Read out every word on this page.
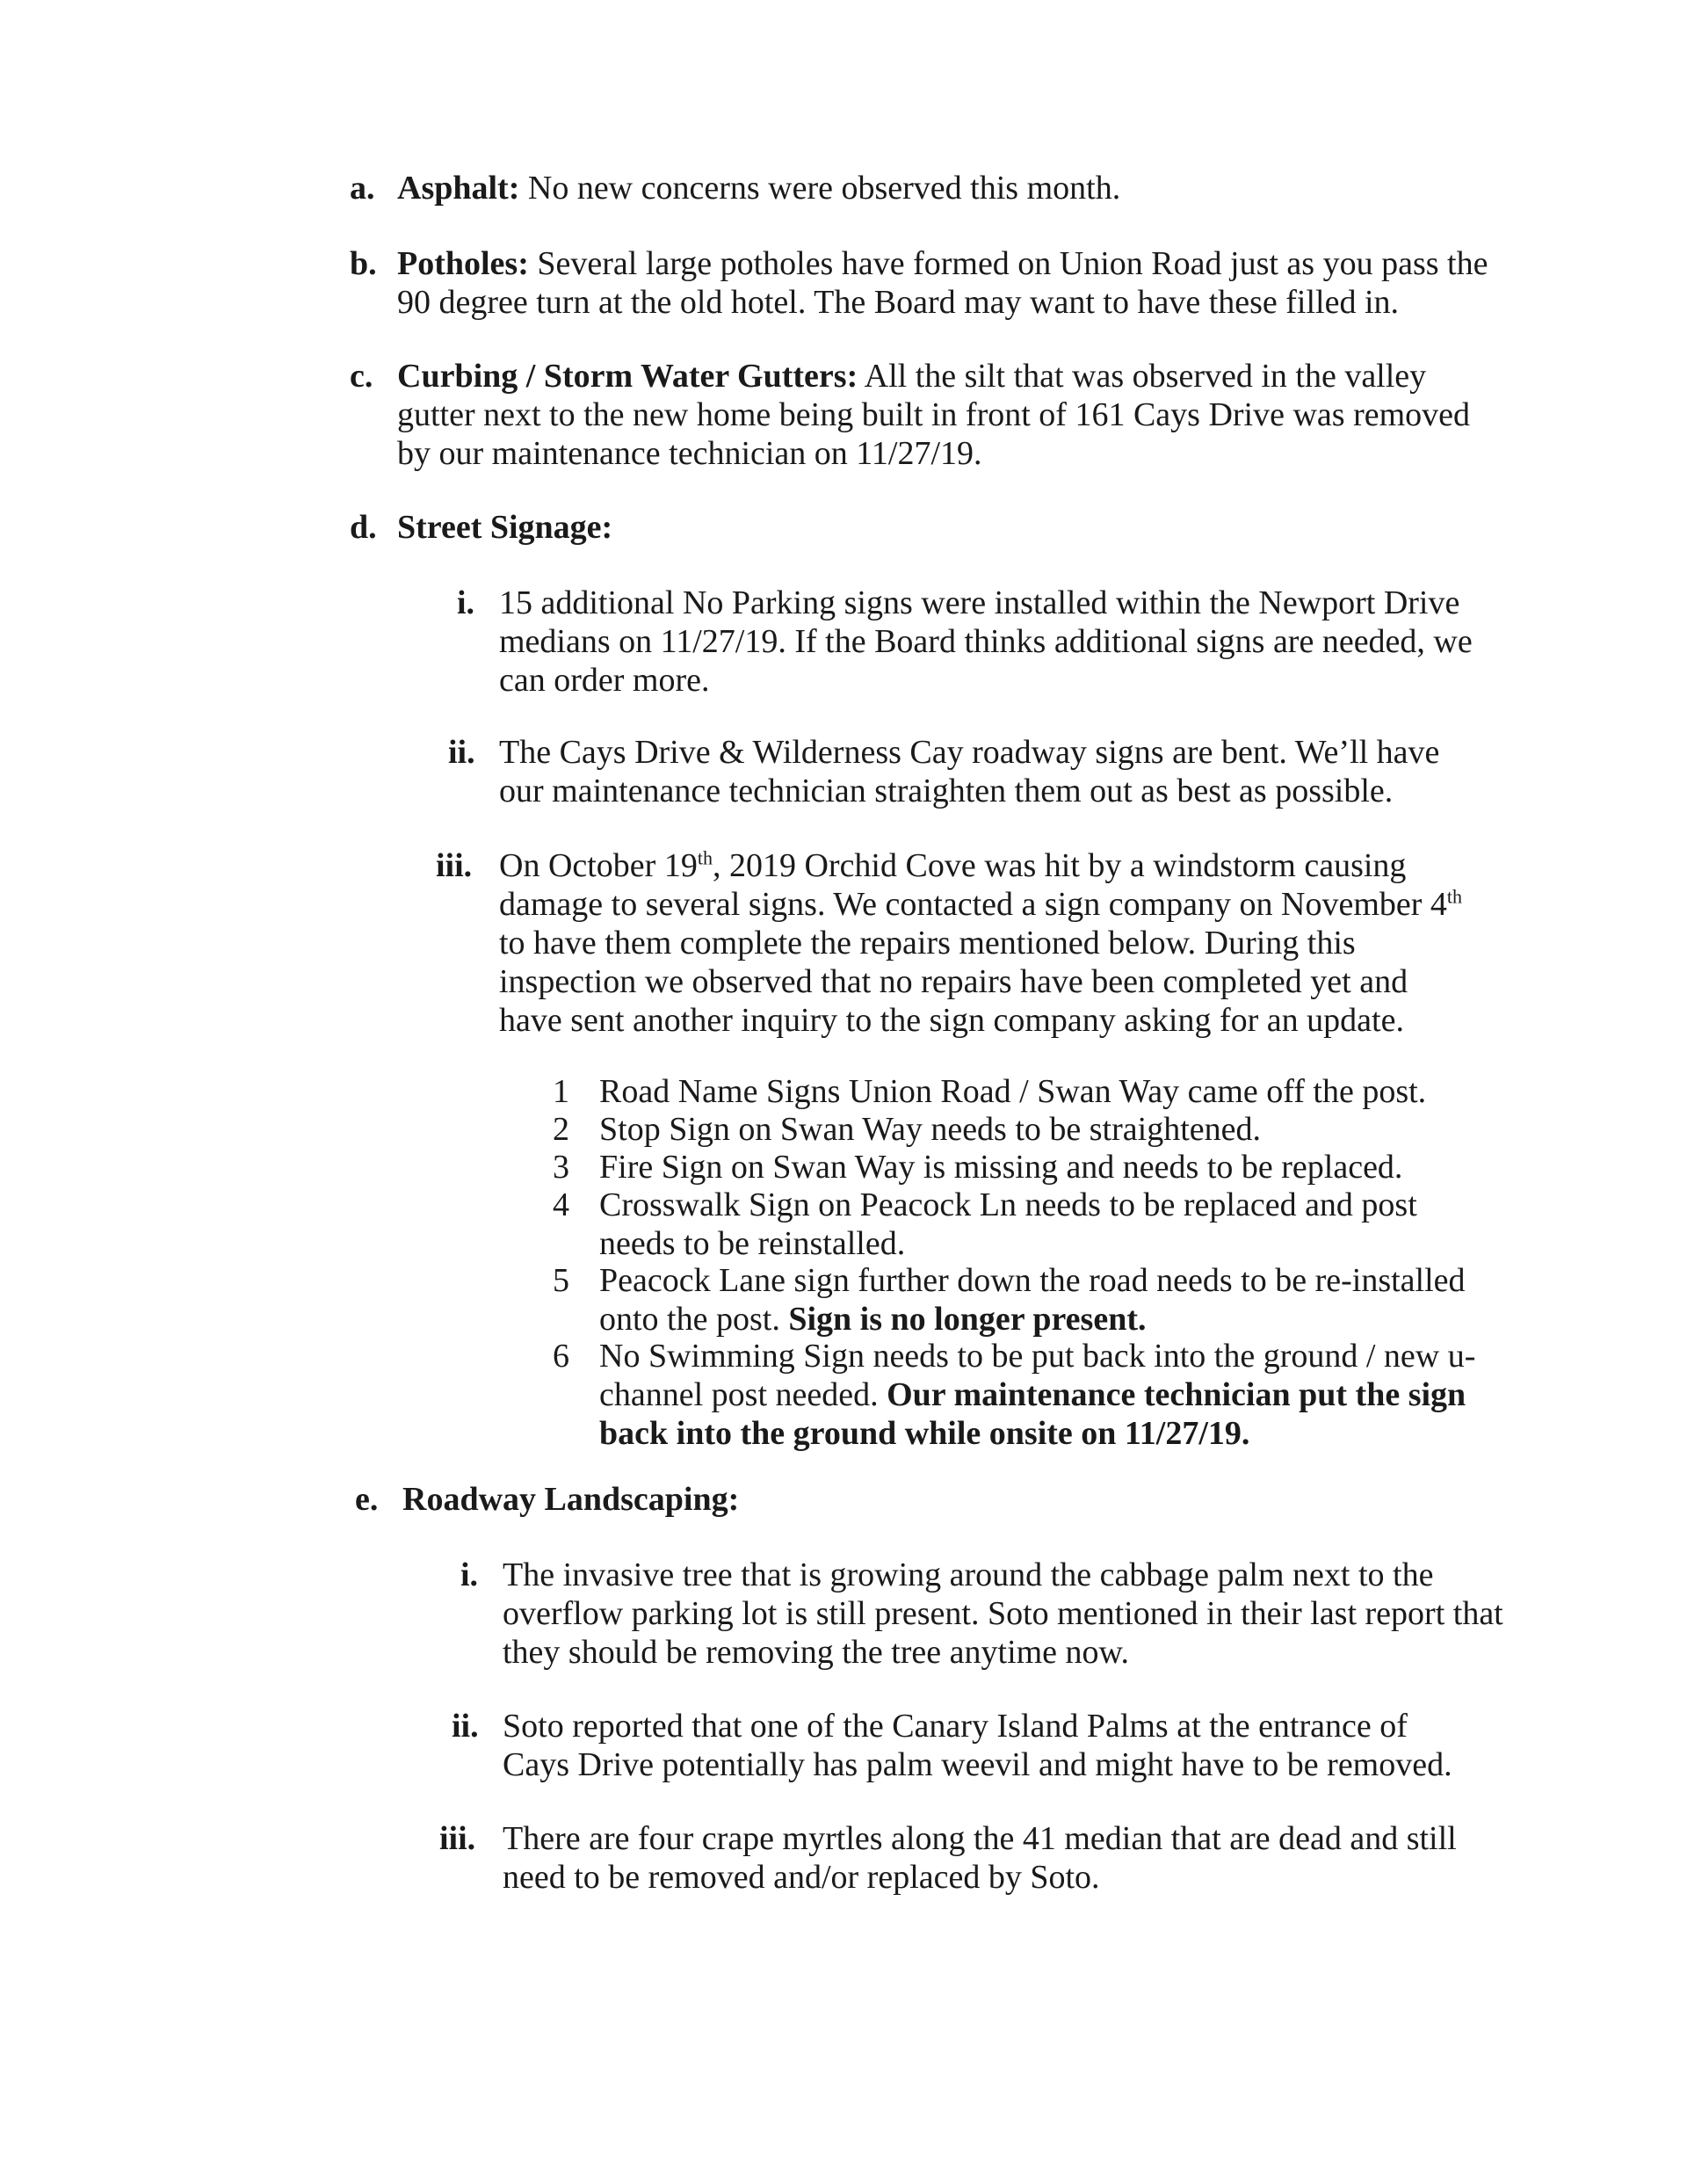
a. Asphalt: No new concerns were observed this month.
b. Potholes: Several large potholes have formed on Union Road just as you pass the 90 degree turn at the old hotel. The Board may want to have these filled in.
c. Curbing / Storm Water Gutters: All the silt that was observed in the valley gutter next to the new home being built in front of 161 Cays Drive was removed by our maintenance technician on 11/27/19.
d. Street Signage:
i. 15 additional No Parking signs were installed within the Newport Drive medians on 11/27/19. If the Board thinks additional signs are needed, we can order more.
ii. The Cays Drive & Wilderness Cay roadway signs are bent. We’ll have our maintenance technician straighten them out as best as possible.
iii. On October 19th, 2019 Orchid Cove was hit by a windstorm causing damage to several signs. We contacted a sign company on November 4th to have them complete the repairs mentioned below. During this inspection we observed that no repairs have been completed yet and have sent another inquiry to the sign company asking for an update.
1 Road Name Signs Union Road / Swan Way came off the post.
2 Stop Sign on Swan Way needs to be straightened.
3 Fire Sign on Swan Way is missing and needs to be replaced.
4 Crosswalk Sign on Peacock Ln needs to be replaced and post needs to be reinstalled.
5 Peacock Lane sign further down the road needs to be re-installed onto the post. Sign is no longer present.
6 No Swimming Sign needs to be put back into the ground / new u-channel post needed. Our maintenance technician put the sign back into the ground while onsite on 11/27/19.
e. Roadway Landscaping:
i. The invasive tree that is growing around the cabbage palm next to the overflow parking lot is still present. Soto mentioned in their last report that they should be removing the tree anytime now.
ii. Soto reported that one of the Canary Island Palms at the entrance of Cays Drive potentially has palm weevil and might have to be removed.
iii. There are four crape myrtles along the 41 median that are dead and still need to be removed and/or replaced by Soto.
